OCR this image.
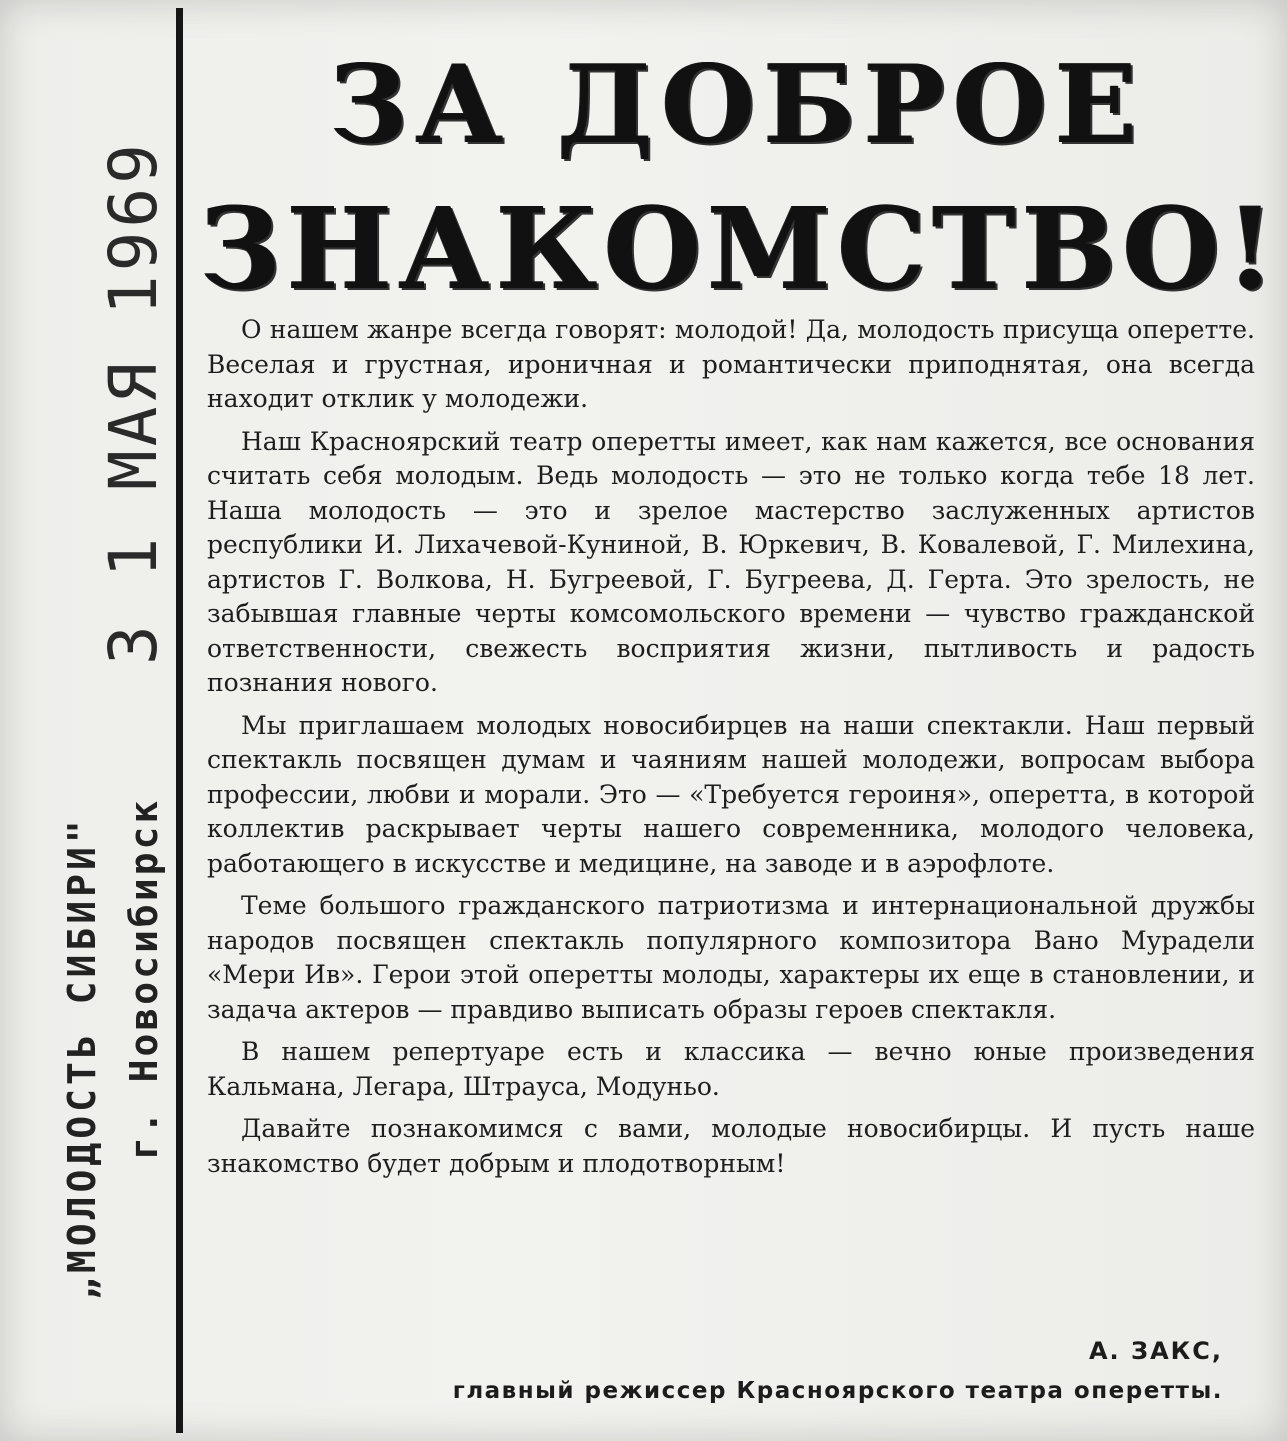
3 1 МАЯ 1969
„МОЛОДОСТЬ СИБИРИ" г. Новосибирск
ЗА ДОБРОЕ
ЗНАКОМСТВО!

О нашем жанре всегда говорят: молодой! Да, молодость присуща оперетте. Веселая и грустная, ироничная и романтически приподнятая, она всегда находит отклик у молодежи.

Наш Красноярский театр оперетты имеет, как нам кажется, все основания считать себя молодым. Ведь молодость — это не только когда тебе 18 лет. Наша молодость — это и зрелое мастерство заслуженных артистов республики И. Лихачевой-Куниной, В. Юркевич, В. Ковалевой, Г. Милехина, артистов Г. Волкова, Н. Бугреевой, Г. Бугреева, Д. Герта. Это зрелость, не забывшая главные черты комсомольского времени — чувство гражданской ответственности, свежесть восприятия жизни, пытливость и радость познания нового.

Мы приглашаем молодых новосибирцев на наши спектакли. Наш первый спектакль посвящен думам и чаяниям нашей молодежи, вопросам выбора профессии, любви и морали. Это — «Требуется героиня», оперетта, в которой коллектив раскрывает черты нашего современника, молодого человека, работающего в искусстве и медицине, на заводе и в аэрофлоте.

Теме большого гражданского патриотизма и интернациональной дружбы народов посвящен спектакль популярного композитора Вано Мурадели «Мери Ив». Герои этой оперетты молоды, характеры их еще в становлении, и задача актеров — правдиво выписать образы героев спектакля.

В нашем репертуаре есть и классика — вечно юные произведения Кальмана, Легара, Штрауса, Модуньо.

Давайте познакомимся с вами, молодые новосибирцы. И пусть наше знакомство будет добрым и плодотворным!

А. ЗАКС,
главный режиссер Красноярского театра оперетты.
